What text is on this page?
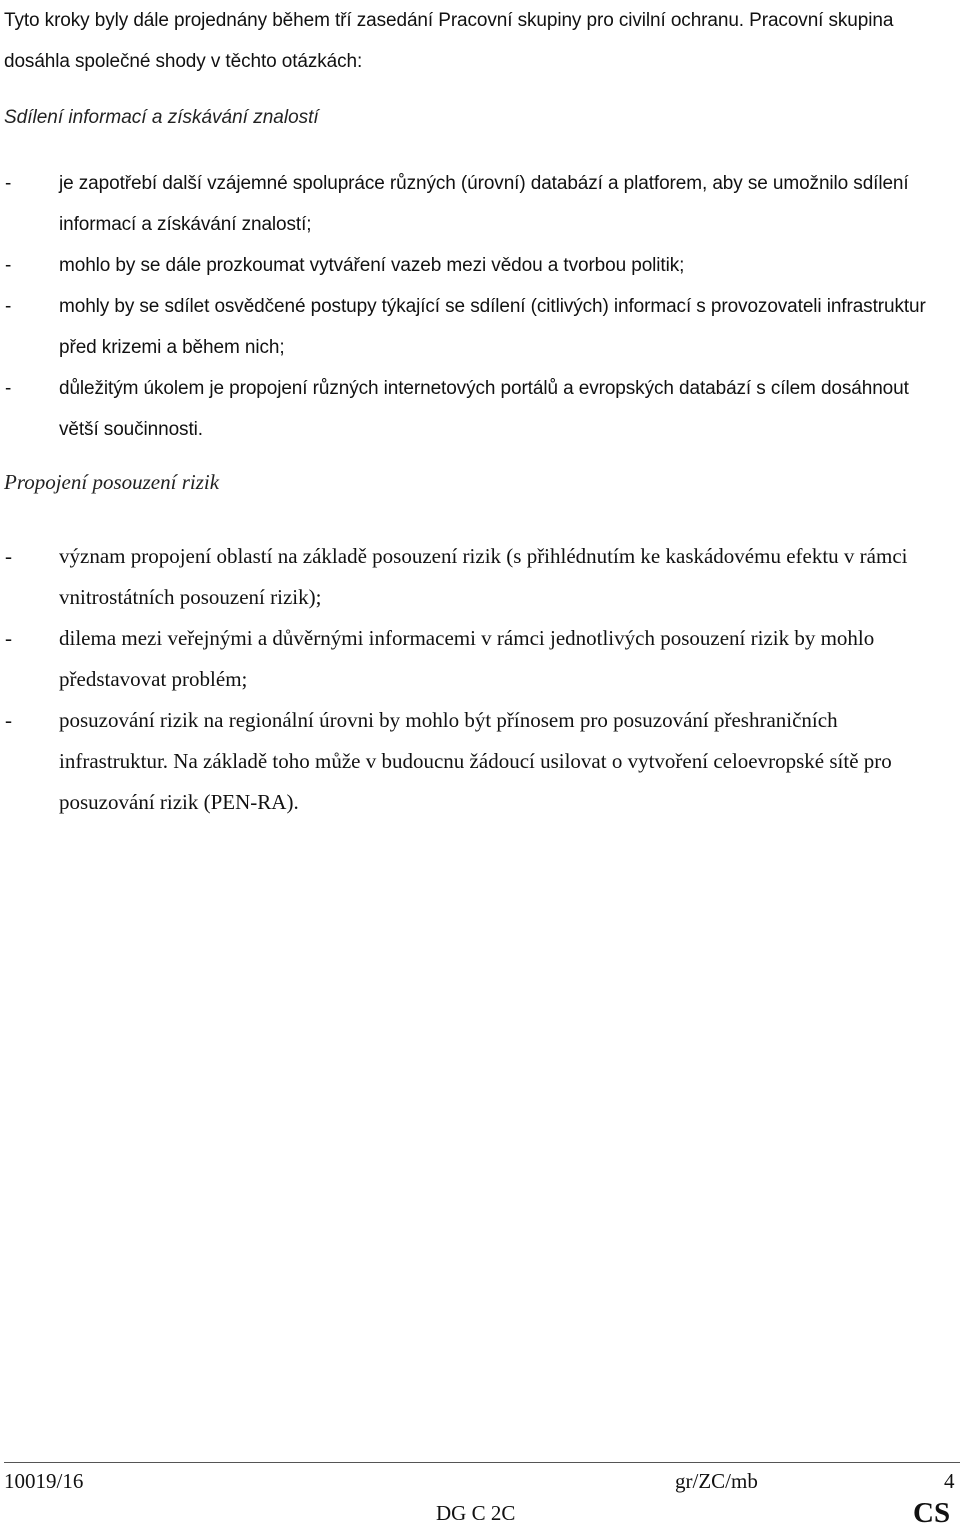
Tyto kroky byly dále projednány během tří zasedání Pracovní skupiny pro civilní ochranu. Pracovní skupina dosáhla společné shody v těchto otázkách:
Sdílení informací a získávání znalostí
-	je zapotřebí další vzájemné spolupráce různých (úrovní) databází a platforem, aby se umožnilo sdílení informací a získávání znalostí;
-	mohlo by se dále prozkoumat vytváření vazeb mezi vědou a tvorbou politik;
-	mohly by se sdílet osvědčené postupy týkající se sdílení (citlivých) informací s provozovateli infrastruktur před krizemi a během nich;
-	důležitým úkolem je propojení různých internetových portálů a evropských databází s cílem dosáhnout větší součinnosti.
Propojení posouzení rizik
- význam propojení oblastí na základě posouzení rizik (s přihlédnutím ke kaskádovému efektu v rámci vnitrostátních posouzení rizik);
- dilema mezi veřejnými a důvěrnými informacemi v rámci jednotlivých posouzení rizik by mohlo představovat problém;
- posuzování rizik na regionální úrovni by mohlo být přínosem pro posuzování přeshraničních infrastruktur. Na základě toho může v budoucnu žádoucí usilovat o vytvoření celoevropské sítě pro posuzování rizik (PEN-RA).
10019/16	gr/ZC/mb	4
DG C 2C	CS
